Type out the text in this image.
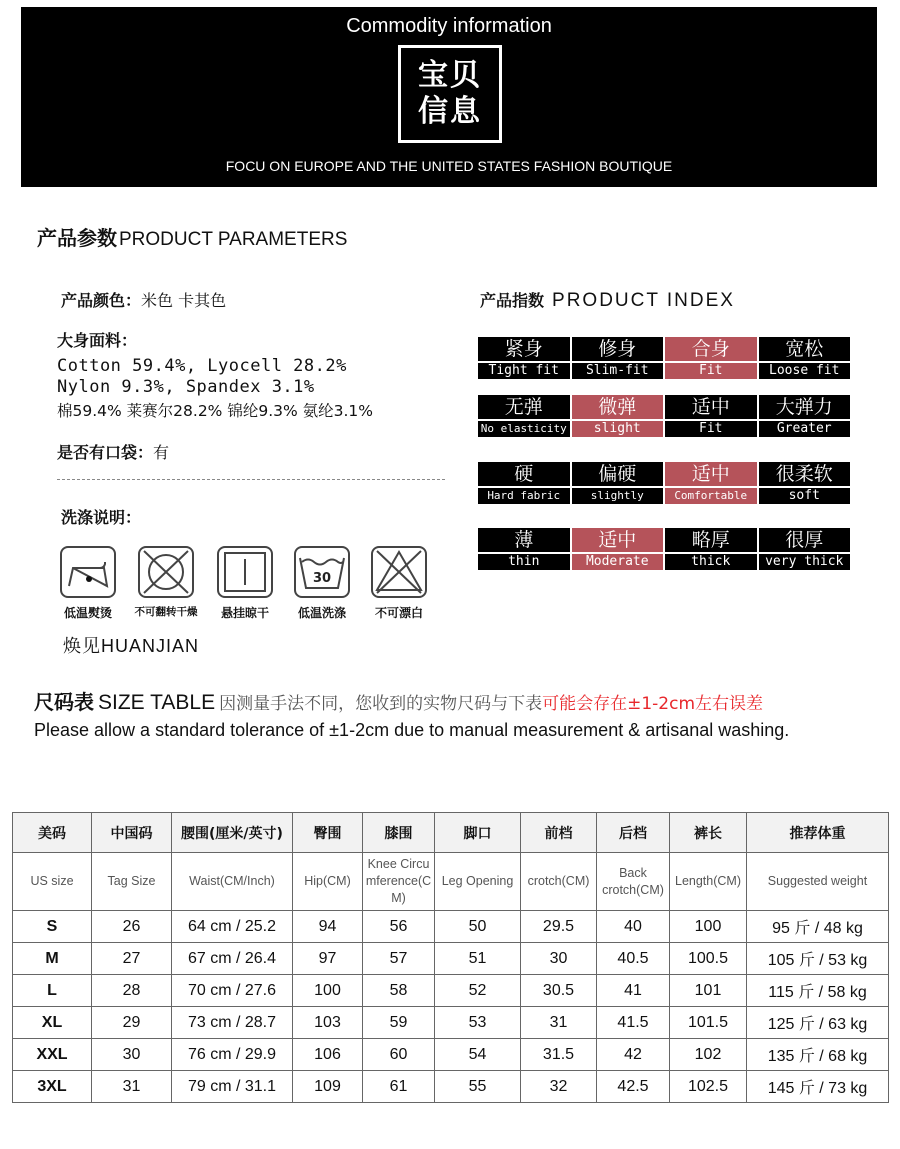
Commodity information
宝贝
信息
FOCU ON EUROPE AND THE UNITED STATES FASHION BOUTIQUE
产品参数 PRODUCT PARAMETERS
产品颜色：米色 卡其色
大身面料：
Cotton 59.4%, Lyocell 28.2%
Nylon 9.3%, Spandex 3.1%
棉59.4% 莱赛尔28.2% 锦纶9.3% 氨纶3.1%
是否有口袋：有
洗涤说明：
低温熨烫	不可翻转干燥	悬挂晾干
30
低温洗涤	不可漂白
焕见HUANJIAN
产品指数 PRODUCT INDEX
紧身
Tight fit
修身
Slim-fit
合身
Fit
宽松
Loose fit
无弹
No elasticity
微弹
slight
适中
Fit
大弹力
Greater
硬
Hard fabric
偏硬
slightly
适中
Comfortable
很柔软
soft
薄
thin
适中
Moderate
略厚
thick
很厚
very thick
尺码表 SIZE TABLE 因测量手法不同，您收到的实物尺码与下表可能会存在±1-2cm左右误差
Please allow a standard tolerance of ±1-2cm due to manual measurement & artisanal washing.
美码	中国码	腰围(厘米/英寸)	臀围	膝围	脚口	前档	后档	裤长	推荐体重
US size	Tag Size	Waist(CM/Inch)	Hip(CM)	Knee Circumference(CM)	Leg Opening	crotch(CM)	Back crotch(CM)	Length(CM)	Suggested weight
S	26	64 cm / 25.2	94	56	50	29.5	40	100	95 斤 / 48 kg
M	27	67 cm / 26.4	97	57	51	30	40.5	100.5	105 斤 / 53 kg
L	28	70 cm / 27.6	100	58	52	30.5	41	101	115 斤 / 58 kg
XL	29	73 cm / 28.7	103	59	53	31	41.5	101.5	125 斤 / 63 kg
XXL	30	76 cm / 29.9	106	60	54	31.5	42	102	135 斤 / 68 kg
3XL	31	79 cm / 31.1	109	61	55	32	42.5	102.5	145 斤 / 73 kg
